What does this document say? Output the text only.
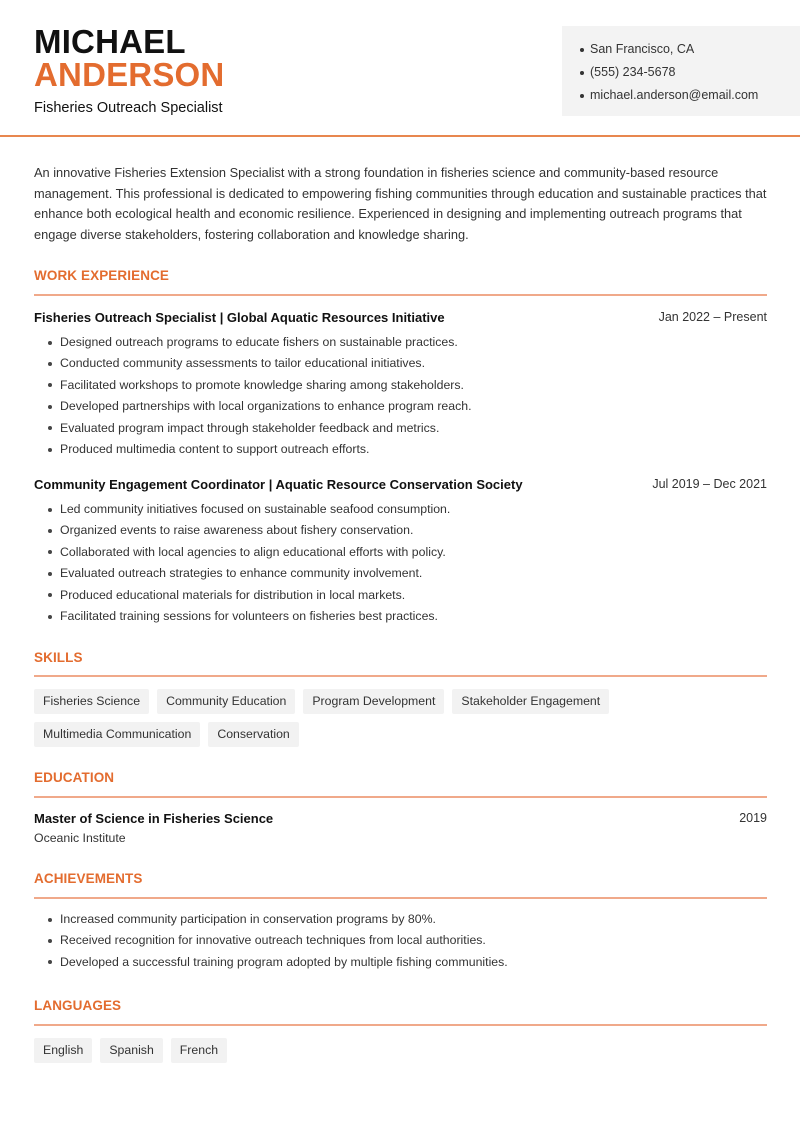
MICHAEL
ANDERSON
Fisheries Outreach Specialist
San Francisco, CA
(555) 234-5678
michael.anderson@email.com

An innovative Fisheries Extension Specialist with a strong foundation in fisheries science and community-based resource management. This professional is dedicated to empowering fishing communities through education and sustainable practices that enhance both ecological health and economic resilience. Experienced in designing and implementing outreach programs that engage diverse stakeholders, fostering collaboration and knowledge sharing.

WORK EXPERIENCE
Fisheries Outreach Specialist | Global Aquatic Resources Initiative	Jan 2022 – Present
Designed outreach programs to educate fishers on sustainable practices.
Conducted community assessments to tailor educational initiatives.
Facilitated workshops to promote knowledge sharing among stakeholders.
Developed partnerships with local organizations to enhance program reach.
Evaluated program impact through stakeholder feedback and metrics.
Produced multimedia content to support outreach efforts.
Community Engagement Coordinator | Aquatic Resource Conservation Society	Jul 2019 – Dec 2021
Led community initiatives focused on sustainable seafood consumption.
Organized events to raise awareness about fishery conservation.
Collaborated with local agencies to align educational efforts with policy.
Evaluated outreach strategies to enhance community involvement.
Produced educational materials for distribution in local markets.
Facilitated training sessions for volunteers on fisheries best practices.
SKILLS
Fisheries Science	Community Education	Program Development	Stakeholder Engagement
Multimedia Communication	Conservation
EDUCATION
Master of Science in Fisheries Science	2019
Oceanic Institute
ACHIEVEMENTS
Increased community participation in conservation programs by 80%.
Received recognition for innovative outreach techniques from local authorities.
Developed a successful training program adopted by multiple fishing communities.
LANGUAGES
English	Spanish	French
